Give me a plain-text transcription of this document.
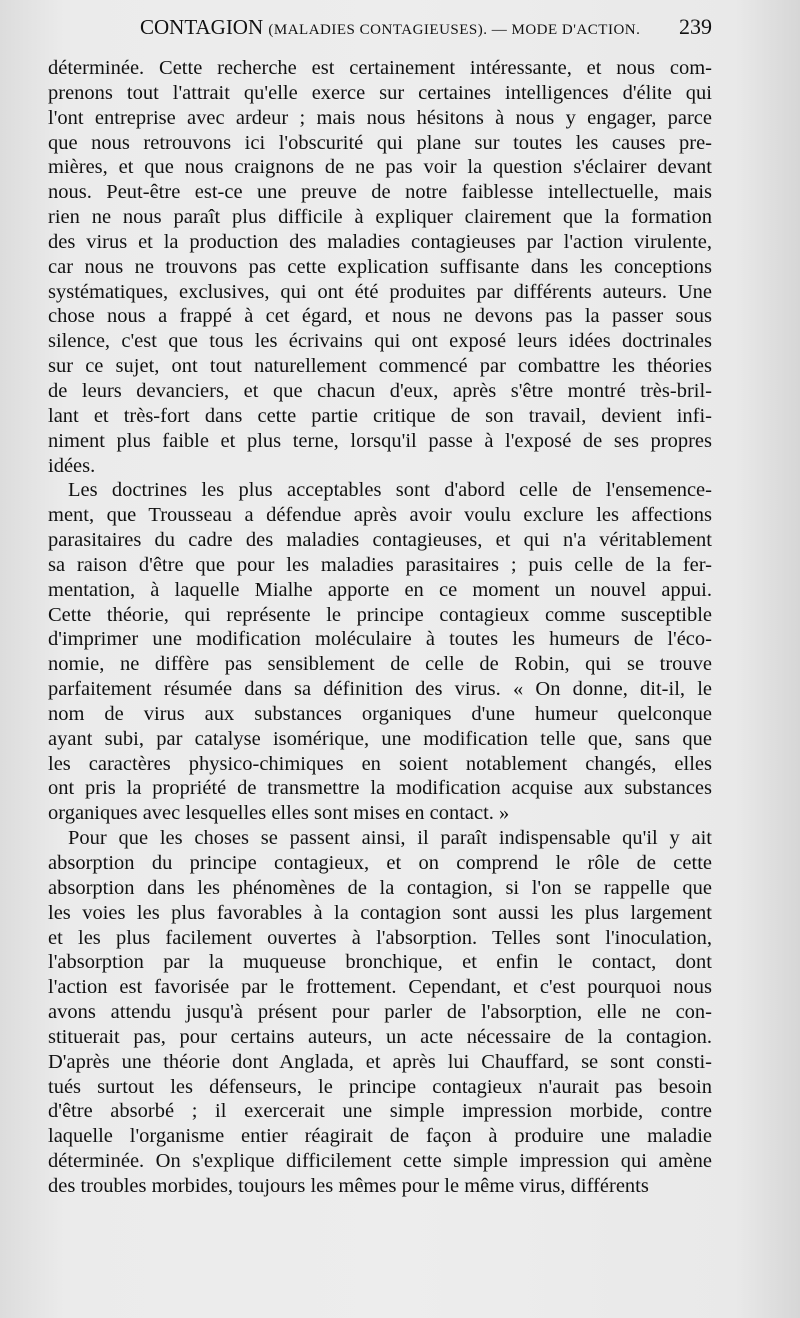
CONTAGION (MALADIES CONTAGIEUSES). — MODE D'ACTION. 239

déterminée. Cette recherche est certainement intéressante, et nous com-
prenons tout l'attrait qu'elle exerce sur certaines intelligences d'élite qui
l'ont entreprise avec ardeur ; mais nous hésitons à nous y engager, parce
que nous retrouvons ici l'obscurité qui plane sur toutes les causes pre-
mières, et que nous craignons de ne pas voir la question s'éclairer devant
nous. Peut-être est-ce une preuve de notre faiblesse intellectuelle, mais
rien ne nous paraît plus difficile à expliquer clairement que la formation
des virus et la production des maladies contagieuses par l'action virulente,
car nous ne trouvons pas cette explication suffisante dans les conceptions
systématiques, exclusives, qui ont été produites par différents auteurs. Une
chose nous a frappé à cet égard, et nous ne devons pas la passer sous
silence, c'est que tous les écrivains qui ont exposé leurs idées doctrinales
sur ce sujet, ont tout naturellement commencé par combattre les théories
de leurs devanciers, et que chacun d'eux, après s'être montré très-bril-
lant et très-fort dans cette partie critique de son travail, devient infi-
niment plus faible et plus terne, lorsqu'il passe à l'exposé de ses propres
idées.

Les doctrines les plus acceptables sont d'abord celle de l'ensemence-
ment, que Trousseau a défendue après avoir voulu exclure les affections
parasitaires du cadre des maladies contagieuses, et qui n'a véritablement
sa raison d'être que pour les maladies parasitaires ; puis celle de la fer-
mentation, à laquelle Mialhe apporte en ce moment un nouvel appui.
Cette théorie, qui représente le principe contagieux comme susceptible
d'imprimer une modification moléculaire à toutes les humeurs de l'éco-
nomie, ne diffère pas sensiblement de celle de Robin, qui se trouve
parfaitement résumée dans sa définition des virus. « On donne, dit-il, le
nom de virus aux substances organiques d'une humeur quelconque
ayant subi, par catalyse isomérique, une modification telle que, sans que
les caractères physico-chimiques en soient notablement changés, elles
ont pris la propriété de transmettre la modification acquise aux substances
organiques avec lesquelles elles sont mises en contact. »

Pour que les choses se passent ainsi, il paraît indispensable qu'il y ait
absorption du principe contagieux, et on comprend le rôle de cette
absorption dans les phénomènes de la contagion, si l'on se rappelle que
les voies les plus favorables à la contagion sont aussi les plus largement
et les plus facilement ouvertes à l'absorption. Telles sont l'inoculation,
l'absorption par la muqueuse bronchique, et enfin le contact, dont
l'action est favorisée par le frottement. Cependant, et c'est pourquoi nous
avons attendu jusqu'à présent pour parler de l'absorption, elle ne con-
stituerait pas, pour certains auteurs, un acte nécessaire de la contagion.
D'après une théorie dont Anglada, et après lui Chauffard, se sont consti-
tués surtout les défenseurs, le principe contagieux n'aurait pas besoin
d'être absorbé ; il exercerait une simple impression morbide, contre
laquelle l'organisme entier réagirait de façon à produire une maladie
déterminée. On s'explique difficilement cette simple impression qui amène
des troubles morbides, toujours les mêmes pour le même virus, différents
